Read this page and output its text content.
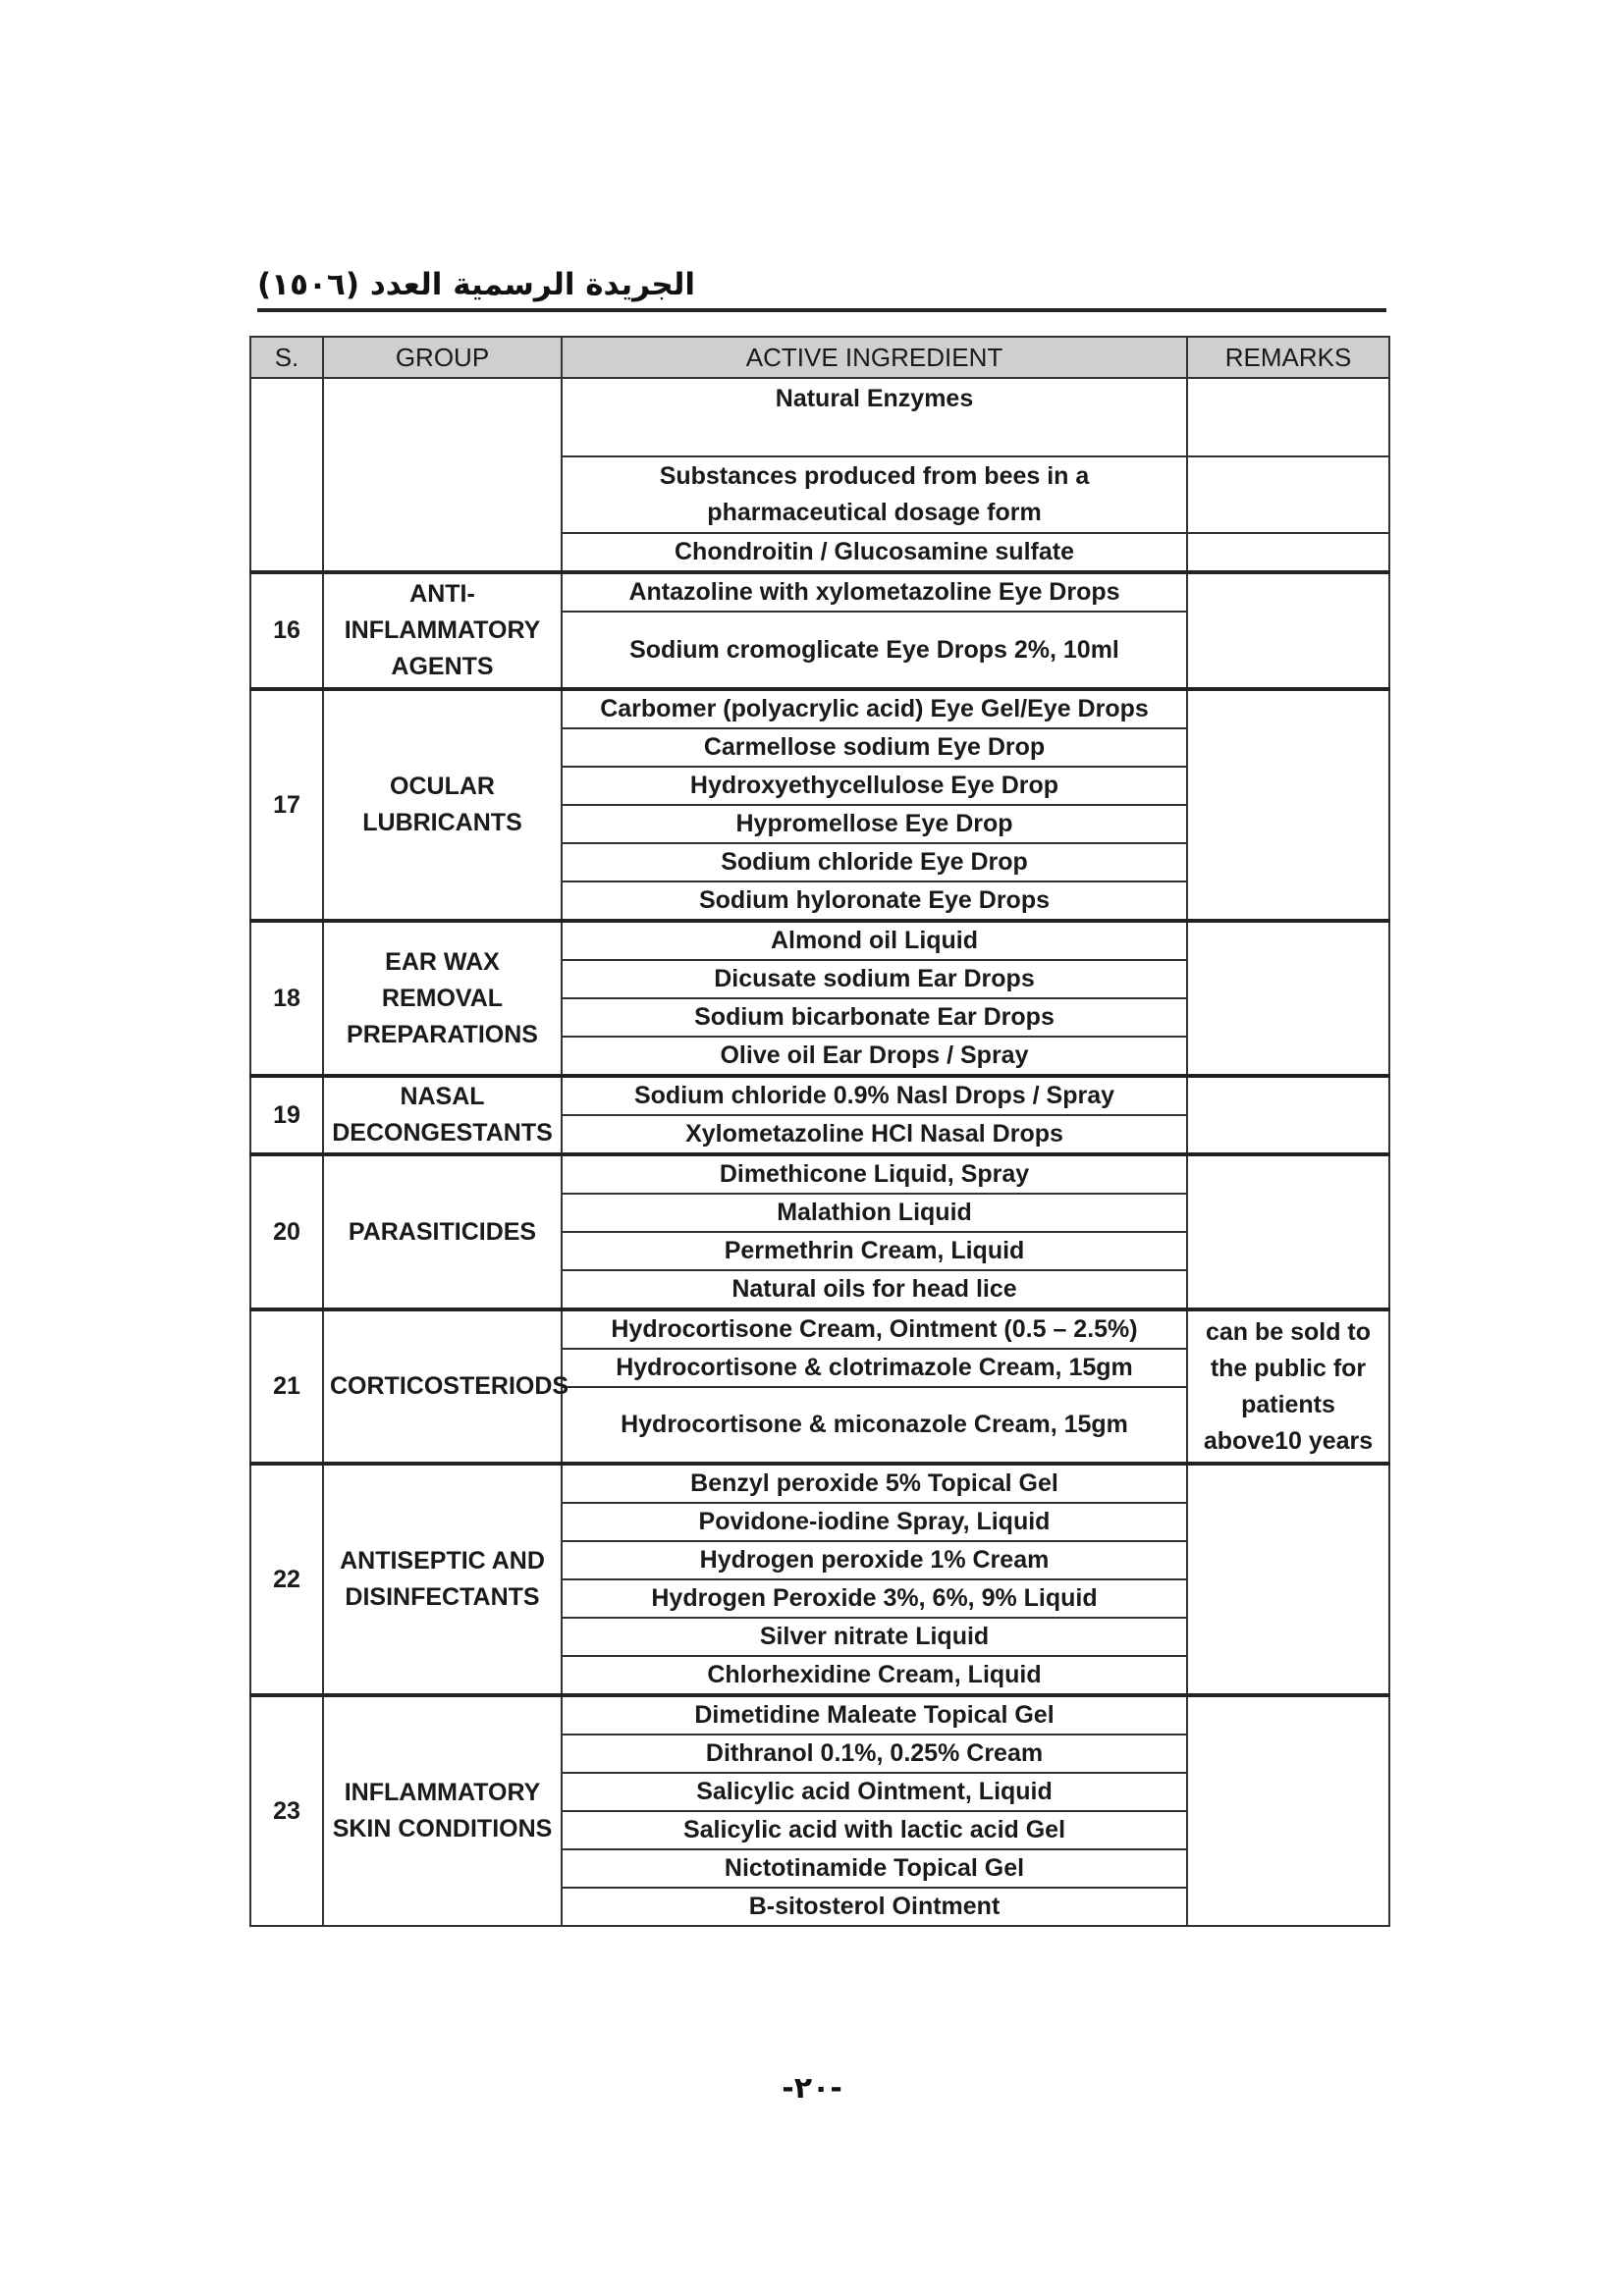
الجريدة الرسمية العدد (١٥٠٦)
S.	GROUP	ACTIVE INGREDIENT	REMARKS
		Natural Enzymes	
		Substances produced from bees in a pharmaceutical dosage form	
		Chondroitin / Glucosamine sulfate	
16	ANTI-INFLAMMATORY AGENTS	Antazoline with xylometazoline Eye Drops	
		Sodium cromoglicate Eye Drops 2%, 10ml	
17	OCULAR LUBRICANTS	Carbomer (polyacrylic acid) Eye Gel/Eye Drops	
		Carmellose sodium Eye Drop	
		Hydroxyethycellulose Eye Drop	
		Hypromellose Eye Drop	
		Sodium chloride Eye Drop	
		Sodium hyloronate Eye Drops	
18	EAR WAX REMOVAL PREPARATIONS	Almond oil Liquid	
		Dicusate sodium Ear Drops	
		Sodium bicarbonate Ear Drops	
		Olive oil Ear Drops / Spray	
19	NASAL DECONGESTANTS	Sodium chloride 0.9% Nasl Drops / Spray	
		Xylometazoline HCl Nasal Drops	
20	PARASITICIDES	Dimethicone Liquid, Spray	
		Malathion Liquid	
		Permethrin Cream, Liquid	
		Natural oils for head lice	
21	CORTICOSTERIODS	Hydrocortisone Cream, Ointment (0.5 – 2.5%)	can be sold to the public for patients above10 years
		Hydrocortisone & clotrimazole Cream, 15gm	
		Hydrocortisone & miconazole Cream, 15gm	
22	ANTISEPTIC AND DISINFECTANTS	Benzyl peroxide 5% Topical Gel	
		Povidone-iodine Spray, Liquid	
		Hydrogen peroxide 1% Cream	
		Hydrogen Peroxide 3%, 6%, 9% Liquid	
		Silver nitrate Liquid	
		Chlorhexidine Cream, Liquid	
23	INFLAMMATORY SKIN CONDITIONS	Dimetidine Maleate Topical Gel	
		Dithranol 0.1%, 0.25% Cream	
		Salicylic acid Ointment, Liquid	
		Salicylic acid with lactic acid Gel	
		Nictotinamide Topical Gel	
		B-sitosterol Ointment	
-٢٠-
